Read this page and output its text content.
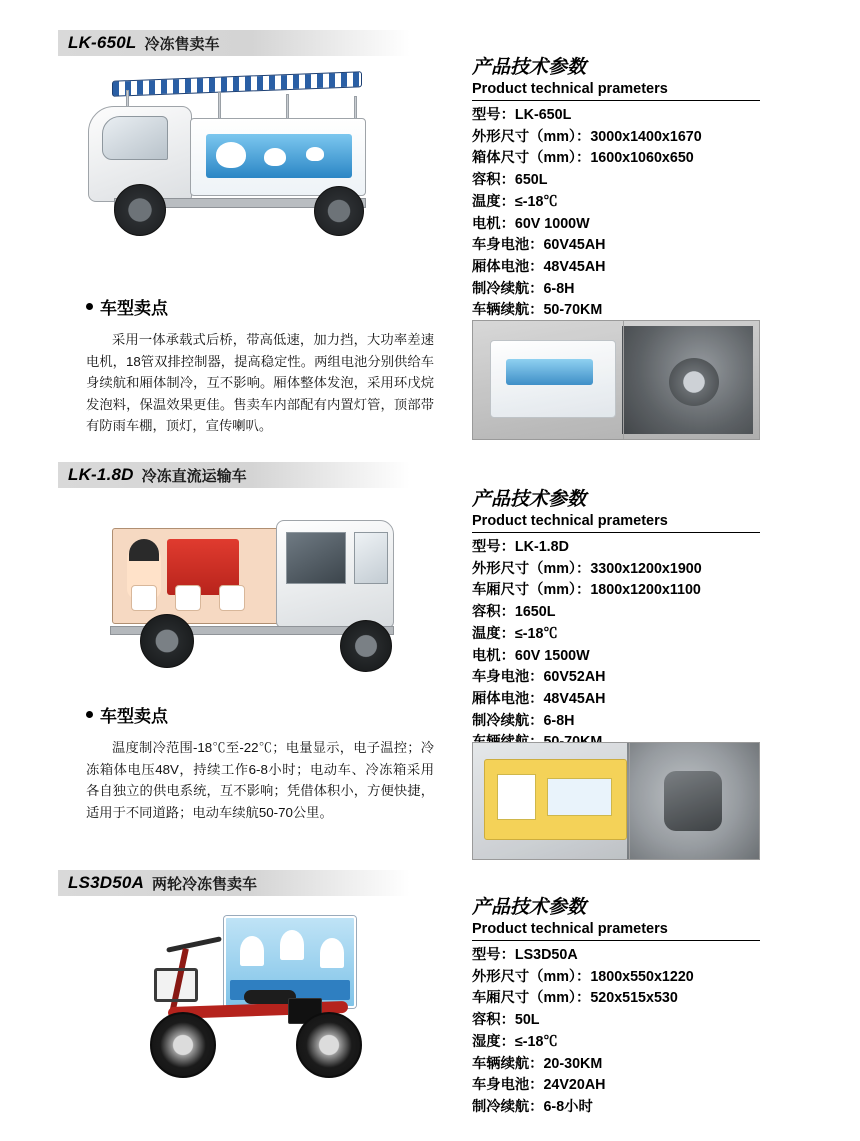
LK-650L 冷冻售卖车
车型卖点

采用一体承载式后桥，带高低速，加力挡，大功率差速电机，18管双排控制器，提高稳定性。两组电池分别供给车身续航和厢体制冷，互不影响。厢体整体发泡，采用环戊烷发泡料，保温效果更佳。售卖车内部配有内置灯管，顶部带有防雨车棚，顶灯，宣传喇叭。

产品技术参数

Product technical prameters

型号：LK-650L
外形尺寸（mm）：3000x1400x1670
箱体尺寸（mm）：1600x1060x650
容积：650L
温度：≤-18℃
电机：60V 1000W
车身电池：60V45AH
厢体电池：48V45AH
制冷续航：6-8H
车辆续航：50-70KM
LK-1.8D 冷冻直流运输车
车型卖点

温度制冷范围-18℃至-22℃；电量显示，电子温控；冷冻箱体电压48V，持续工作6-8小时；电动车、冷冻箱采用各自独立的供电系统，互不影响；凭借体积小，方便快捷，适用于不同道路；电动车续航50-70公里。

产品技术参数

Product technical prameters

型号：LK-1.8D
外形尺寸（mm）：3300x1200x1900
车厢尺寸（mm）：1800x1200x1100
容积：1650L
温度：≤-18℃
电机：60V 1500W
车身电池：60V52AH
厢体电池：48V45AH
制冷续航：6-8H
LS3D50A 两轮冷冻售卖车

产品技术参数

Product technical prameters

型号：LS3D50A
外形尺寸（mm）：1800x550x1220
车厢尺寸（mm）：520x515x530
容积：50L
湿度：≤-18℃
车辆续航：20-30KM
车身电池：24V20AH
制冷续航：6-8小时
